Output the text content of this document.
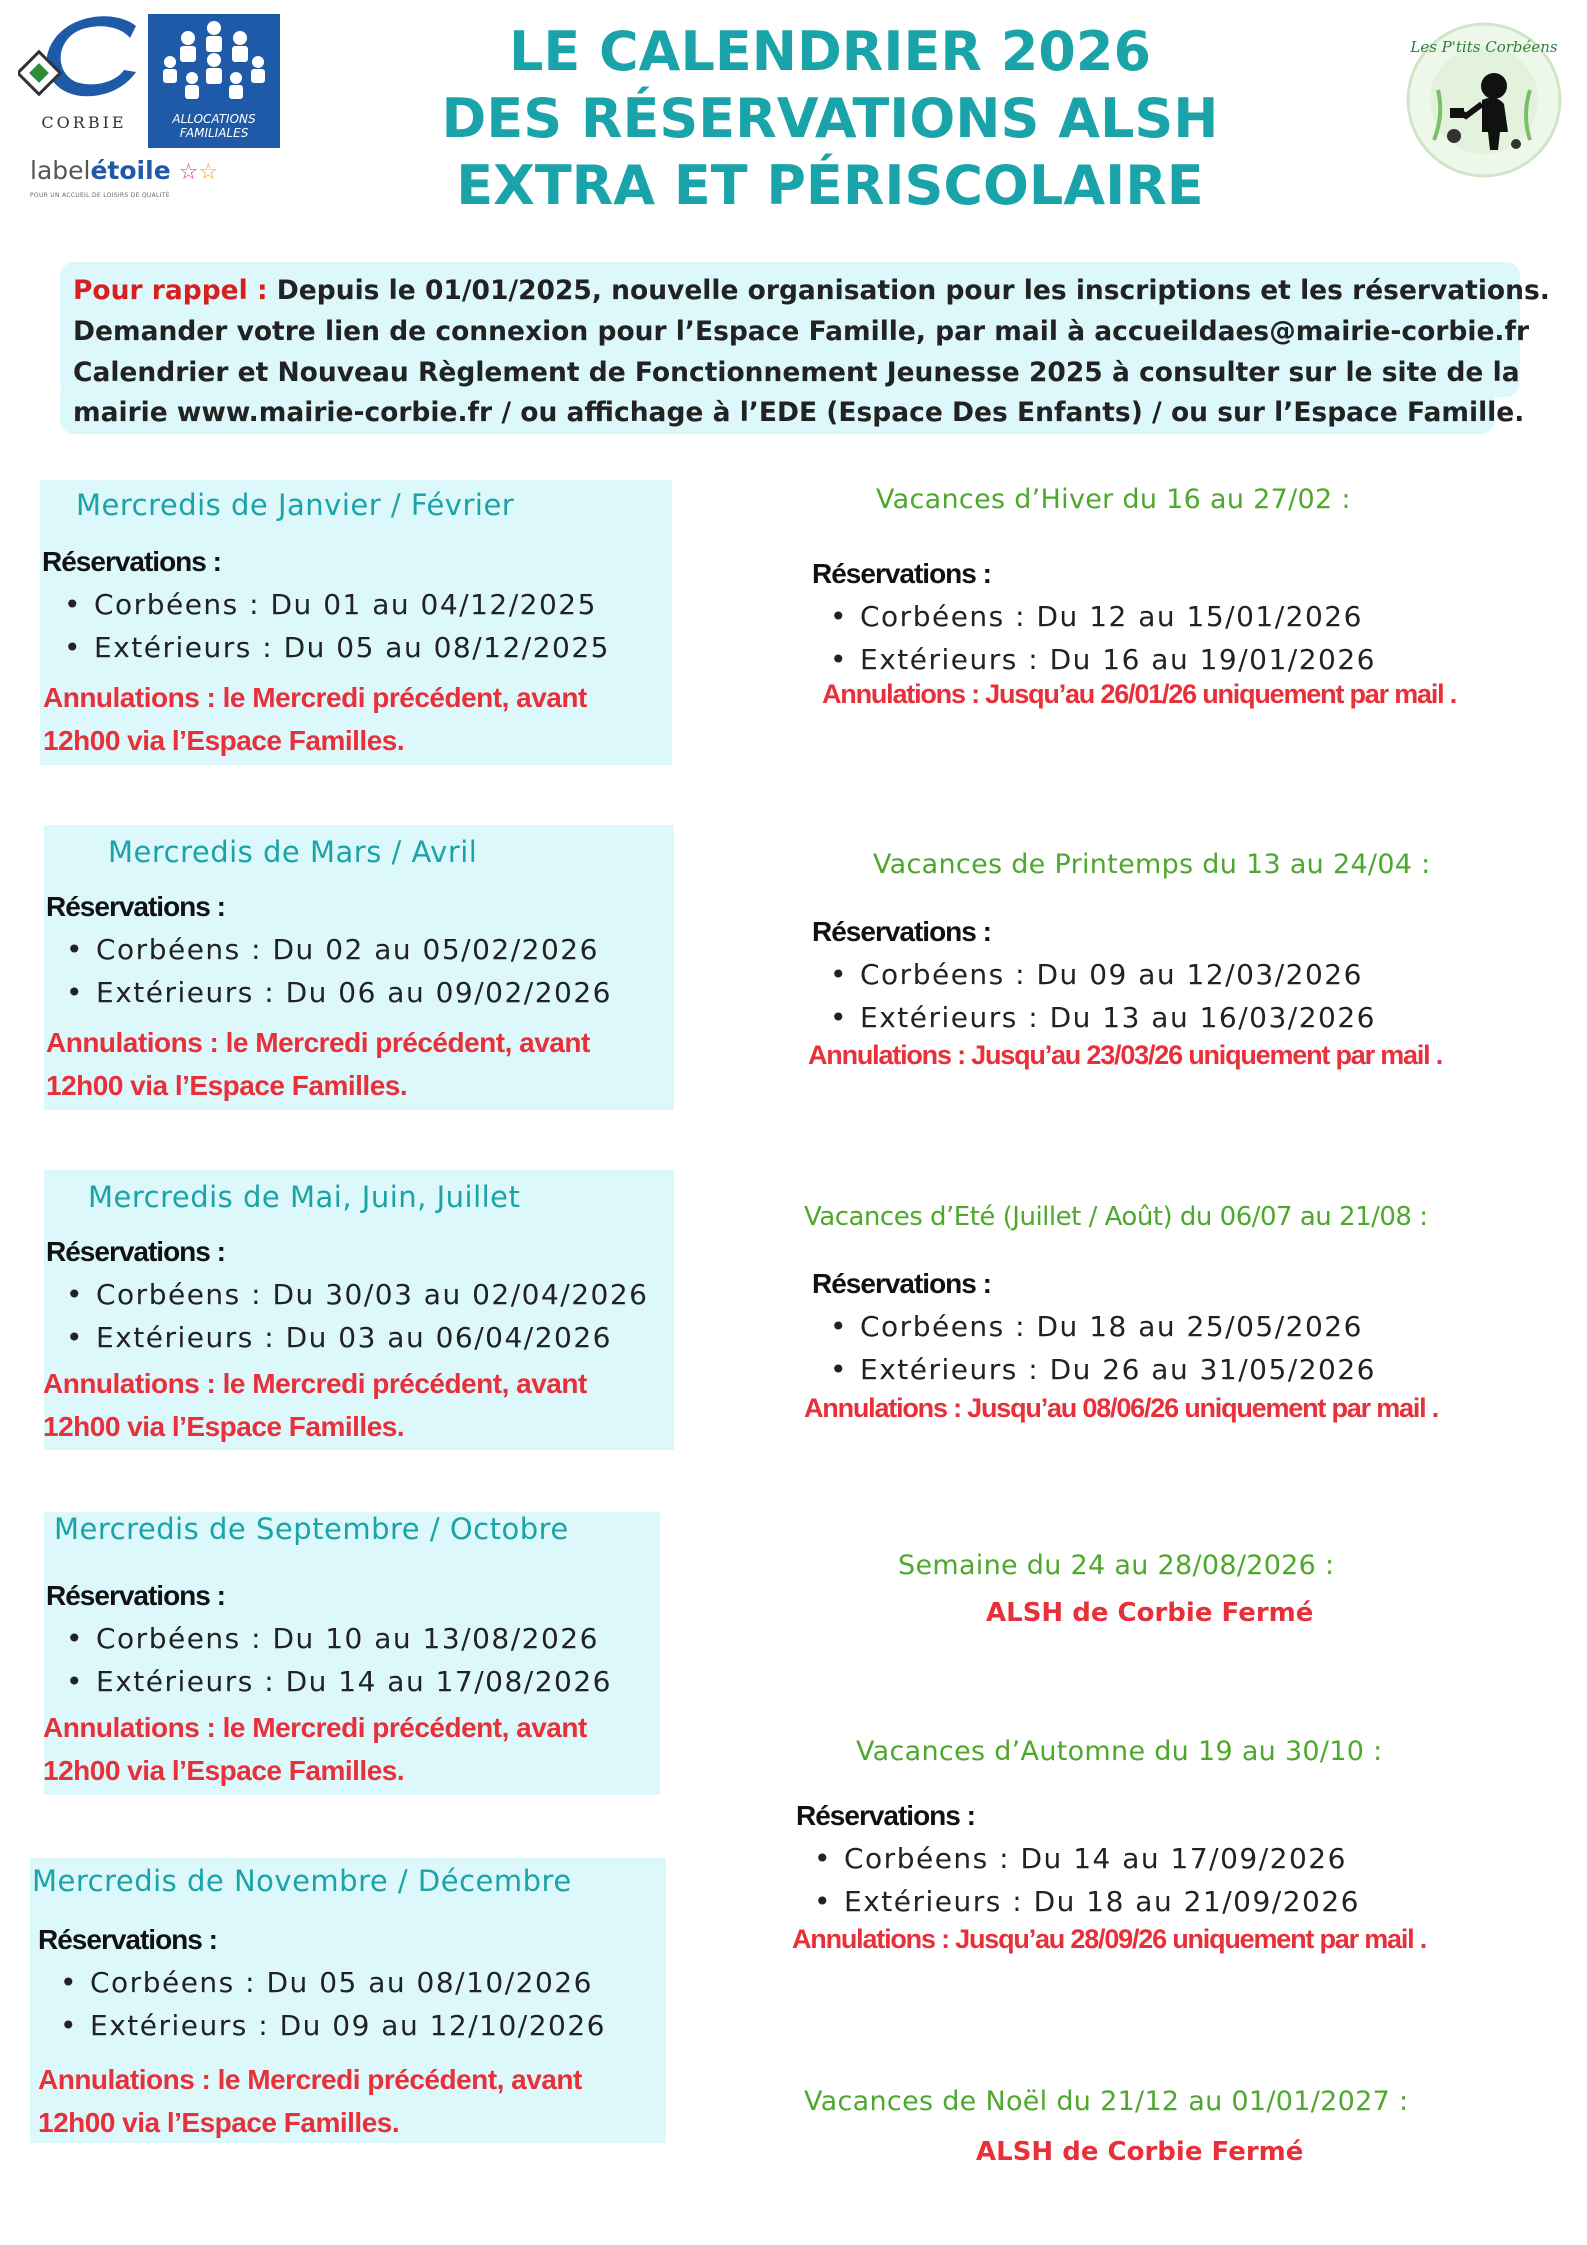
CORBIE	ALLOCATIONS FAMILIALES
labelétoile ☆☆
POUR UN ACCUEIL DE LOISIRS DE QUALITÉ
LE CALENDRIER 2026
DES RÉSERVATIONS ALSH
EXTRA ET PÉRISCOLAIRE
Les P'tits Corbéens
Pour rappel : Depuis le 01/01/2025, nouvelle organisation pour les inscriptions et les réservations.
Demander votre lien de connexion pour l’Espace Famille, par mail à accueildaes@mairie-corbie.fr
Calendrier et Nouveau Règlement de Fonctionnement Jeunesse 2025 à consulter sur le site de la
mairie www.mairie-corbie.fr / ou affichage à l’EDE (Espace Des Enfants) / ou sur l’Espace Famille.
Mercredis de Janvier / Février
Réservations :
• Corbéens : Du 01 au 04/12/2025
• Extérieurs : Du 05 au 08/12/2025
Annulations : le Mercredi précédent, avant
12h00 via l’Espace Familles.
Mercredis de Mars / Avril
Réservations :
• Corbéens : Du 02 au 05/02/2026
• Extérieurs : Du 06 au 09/02/2026
Annulations : le Mercredi précédent, avant
12h00 via l’Espace Familles.
Mercredis de Mai, Juin, Juillet
Réservations :
• Corbéens : Du 30/03 au 02/04/2026
• Extérieurs : Du 03 au 06/04/2026
Annulations : le Mercredi précédent, avant
12h00 via l’Espace Familles.
Mercredis de Septembre / Octobre
Réservations :
• Corbéens : Du 10 au 13/08/2026
• Extérieurs : Du 14 au 17/08/2026
Annulations : le Mercredi précédent, avant
12h00 via l’Espace Familles.
Mercredis de Novembre / Décembre
Réservations :
• Corbéens : Du 05 au 08/10/2026
• Extérieurs : Du 09 au 12/10/2026
Annulations : le Mercredi précédent, avant
12h00 via l’Espace Familles.
Vacances d’Hiver du 16 au 27/02 :
Réservations :
• Corbéens : Du 12 au 15/01/2026
• Extérieurs : Du 16 au 19/01/2026
Annulations : Jusqu’au 26/01/26 uniquement par mail .
Vacances de Printemps du 13 au 24/04 :
Réservations :
• Corbéens : Du 09 au 12/03/2026
• Extérieurs : Du 13 au 16/03/2026
Annulations : Jusqu’au 23/03/26 uniquement par mail .
Vacances d’Eté (Juillet / Août) du 06/07 au 21/08 :
Réservations :
• Corbéens : Du 18 au 25/05/2026
• Extérieurs : Du 26 au 31/05/2026
Annulations : Jusqu’au 08/06/26 uniquement par mail .
Semaine du 24 au 28/08/2026 :
ALSH de Corbie Fermé
Vacances d’Automne du 19 au 30/10 :
Réservations :
• Corbéens : Du 14 au 17/09/2026
• Extérieurs : Du 18 au 21/09/2026
Annulations : Jusqu’au 28/09/26 uniquement par mail .
Vacances de Noël du 21/12 au 01/01/2027 :
ALSH de Corbie Fermé
